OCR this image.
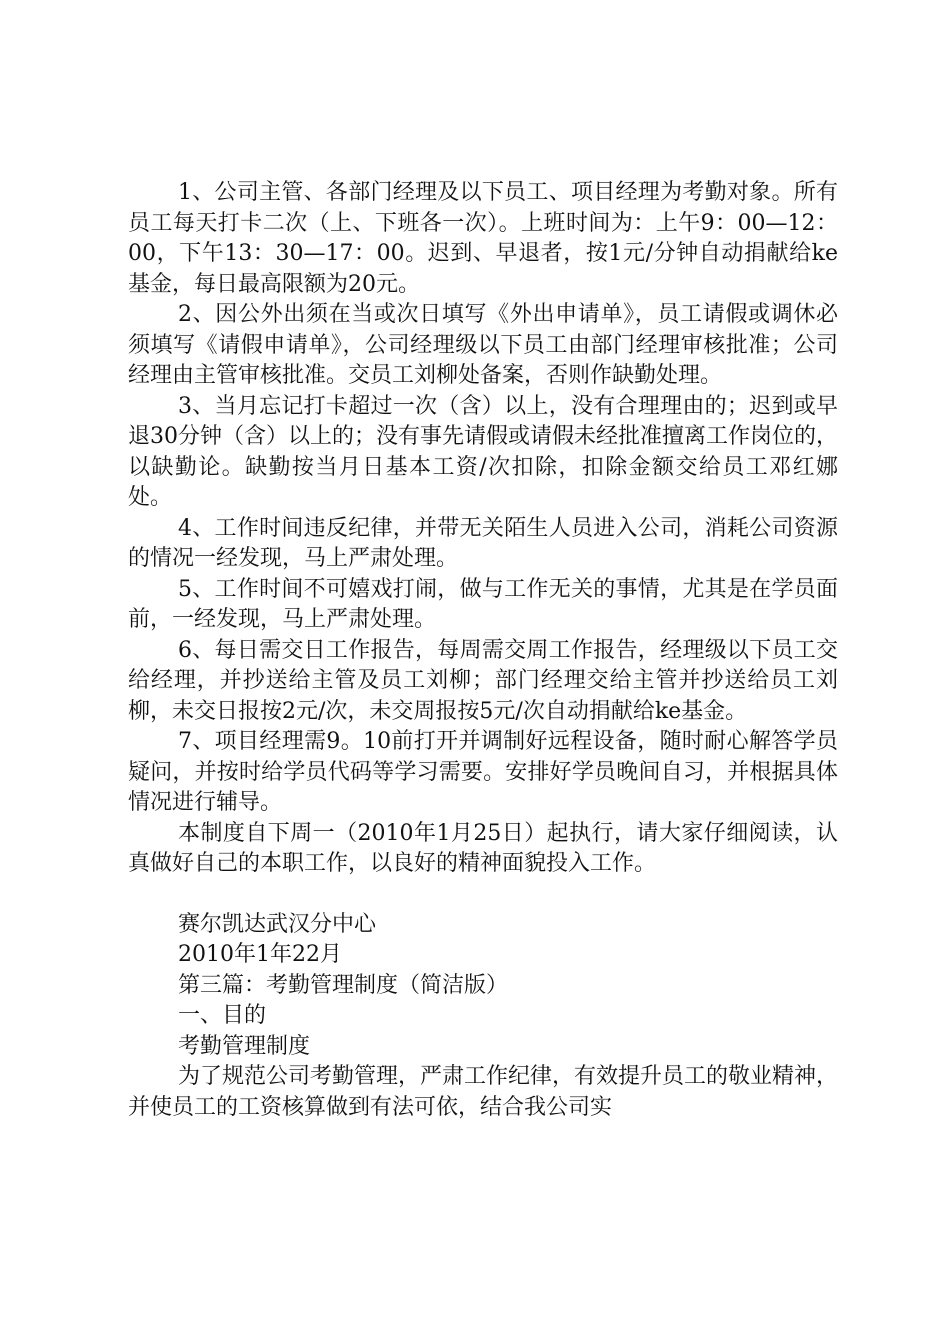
1、公司主管、各部门经理及以下员工、项目经理为考勤对象。所有员工每天打卡二次（上、下班各一次）。上班时间为：上午9：00—12：00，下午13：30—17：00。迟到、早退者，按1元/分钟自动捐献给ke基金，每日最高限额为20元。

2、因公外出须在当或次日填写《外出申请单》，员工请假或调休必须填写《请假申请单》，公司经理级以下员工由部门经理审核批准；公司经理由主管审核批准。交员工刘柳处备案，否则作缺勤处理。

3、当月忘记打卡超过一次（含）以上，没有合理理由的；迟到或早退30分钟（含）以上的；没有事先请假或请假未经批准擅离工作岗位的，以缺勤论。缺勤按当月日基本工资/次扣除，扣除金额交给员工邓红娜处。

4、工作时间违反纪律，并带无关陌生人员进入公司，消耗公司资源的情况一经发现，马上严肃处理。

5、工作时间不可嬉戏打闹，做与工作无关的事情，尤其是在学员面前，一经发现，马上严肃处理。

6、每日需交日工作报告，每周需交周工作报告，经理级以下员工交给经理，并抄送给主管及员工刘柳；部门经理交给主管并抄送给员工刘柳，未交日报按2元/次，未交周报按5元/次自动捐献给ke基金。

7、项目经理需9。10前打开并调制好远程设备，随时耐心解答学员疑问，并按时给学员代码等学习需要。安排好学员晚间自习，并根据具体情况进行辅导。

本制度自下周一（2010年1月25日）起执行，请大家仔细阅读，认真做好自己的本职工作，以良好的精神面貌投入工作。

赛尔凯达武汉分中心

2010年1年22月

第三篇：考勤管理制度（简洁版）

一、目的

考勤管理制度

为了规范公司考勤管理，严肃工作纪律，有效提升员工的敬业精神，并使员工的工资核算做到有法可依，结合我公司实
